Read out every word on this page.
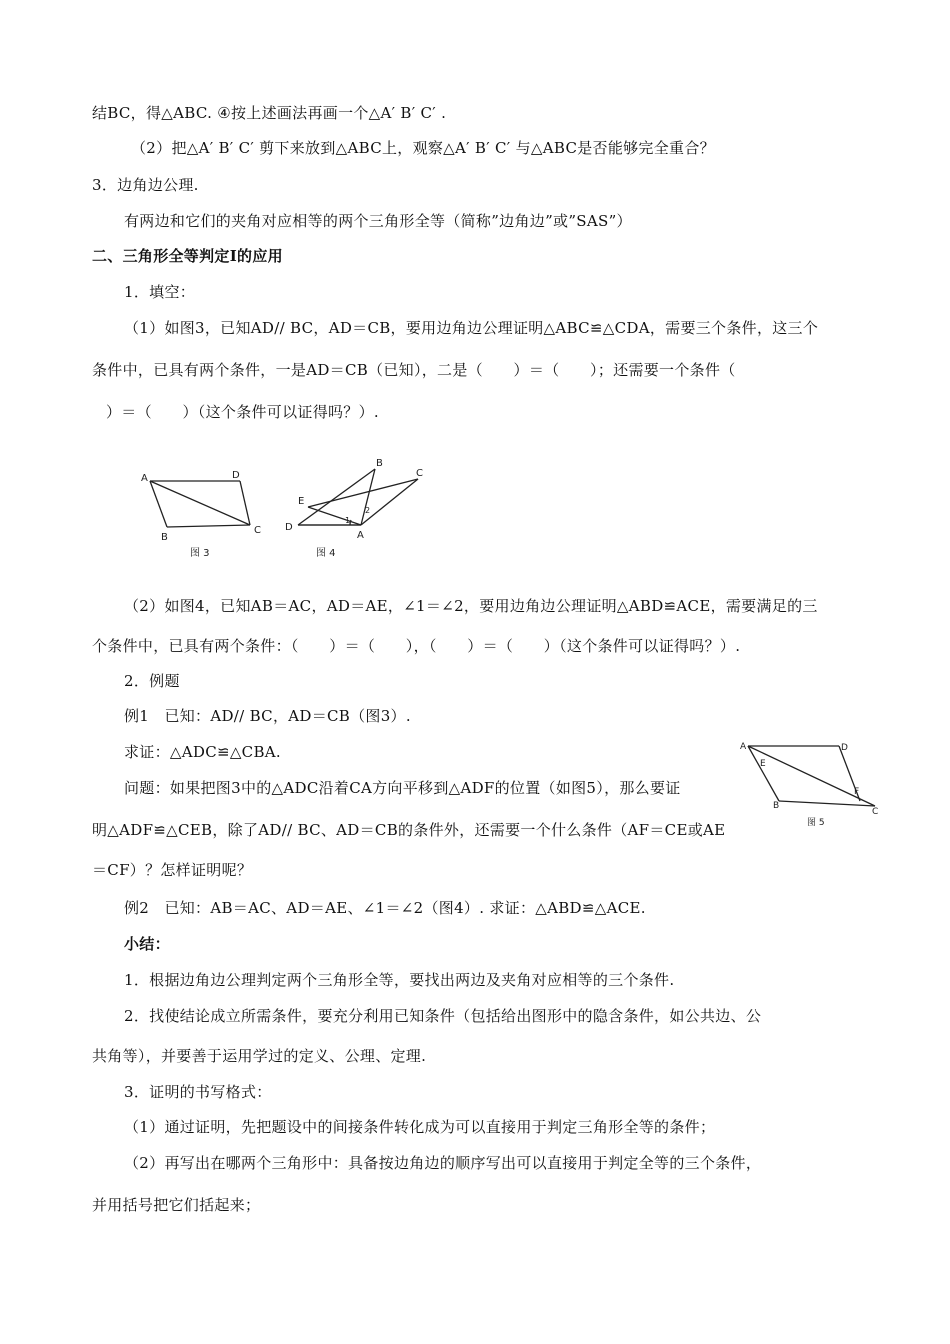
结BC，得△ABC. ④按上述画法再画一个△A′ B′ C′ .
（2）把△A′ B′ C′ 剪下来放到△ABC上，观察△A′ B′ C′ 与△ABC是否能够完全重合？
3．边角边公理.
有两边和它们的夹角对应相等的两个三角形全等（简称”边角边”或”SAS”）
二、三角形全等判定Ⅰ的应用
1．填空：
（1）如图3，已知AD// BC，AD＝CB，要用边角边公理证明△ABC≌△CDA，需要三个条件，这三个
条件中，已具有两个条件，一是AD＝CB（已知），二是（　　）＝（　　）；还需要一个条件（
）＝（　　）（这个条件可以证得吗？）.
A	D
B
C
图 3
B
C
E
D
A
1
2
图 4
（2）如图4，已知AB＝AC，AD＝AE，∠1＝∠2，要用边角边公理证明△ABD≌ACE，需要满足的三
个条件中，已具有两个条件：（　　）＝（　　），（　　）＝（　　）（这个条件可以证得吗？）.
2．例题
例1　已知：AD// BC，AD＝CB（图3）.
求证：△ADC≌△CBA.
问题：如果把图3中的△ADC沿着CA方向平移到△ADF的位置（如图5），那么要证
明△ADF≌△CEB，除了AD// BC、AD＝CB的条件外，还需要一个什么条件（AF＝CE或AE
＝CF）？怎样证明呢？
A	D
E
F
B
C
图 5
例2　已知：AB＝AC、AD＝AE、∠1＝∠2（图4）. 求证：△ABD≌△ACE.
小结：
1．根据边角边公理判定两个三角形全等，要找出两边及夹角对应相等的三个条件.
2．找使结论成立所需条件，要充分利用已知条件（包括给出图形中的隐含条件，如公共边、公
共角等），并要善于运用学过的定义、公理、定理.
3．证明的书写格式：
（1）通过证明，先把题设中的间接条件转化成为可以直接用于判定三角形全等的条件；
（2）再写出在哪两个三角形中：具备按边角边的顺序写出可以直接用于判定全等的三个条件，
并用括号把它们括起来；
